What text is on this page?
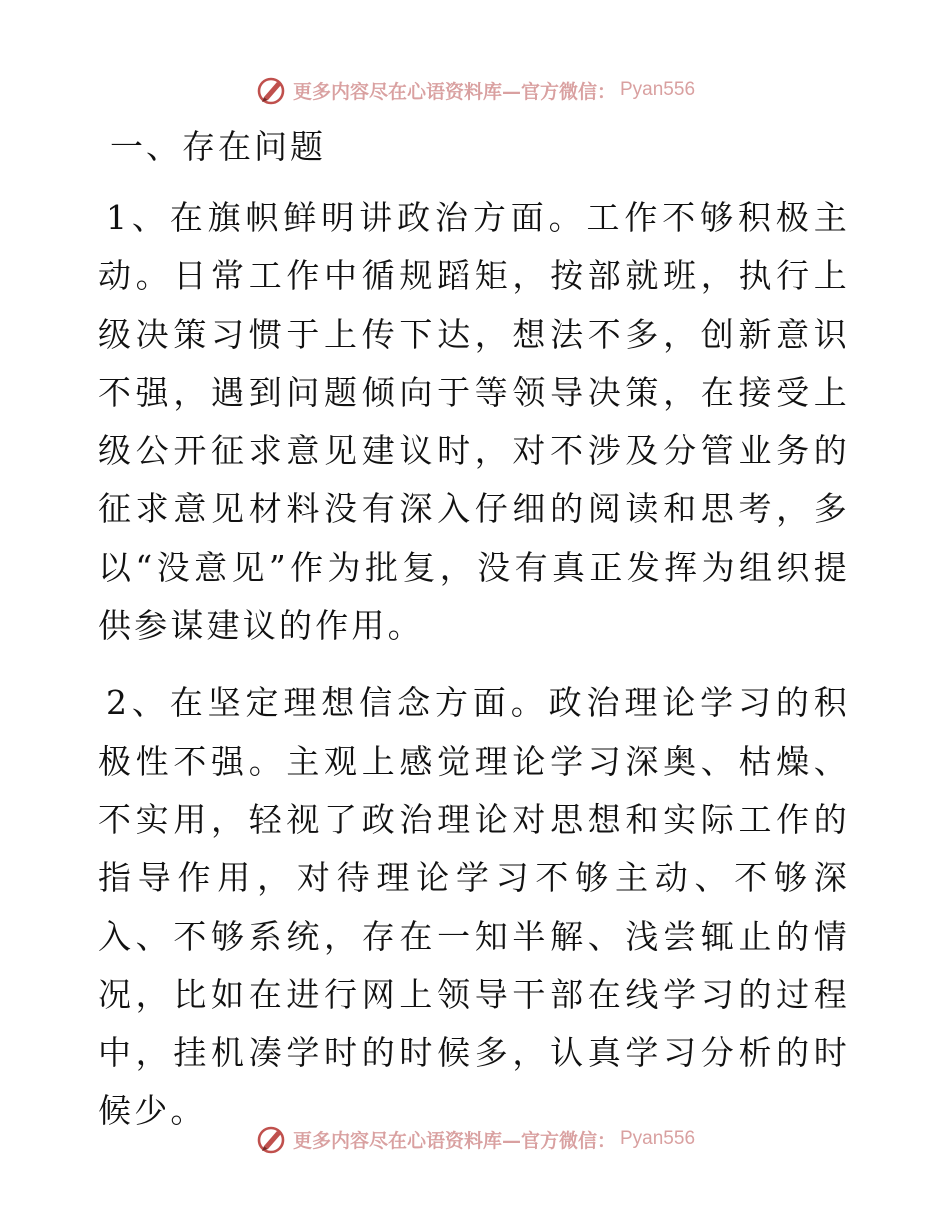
更多内容尽在心语资料库—官方微信： Pyan556
一、存在问题

1、在旗帜鲜明讲政治方面。工作不够积极主动。日常工作中循规蹈矩，按部就班，执行上级决策习惯于上传下达，想法不多，创新意识不强，遇到问题倾向于等领导决策，在接受上级公开征求意见建议时，对不涉及分管业务的征求意见材料没有深入仔细的阅读和思考，多以“没意见”作为批复，没有真正发挥为组织提供参谋建议的作用。

2、在坚定理想信念方面。政治理论学习的积极性不强。主观上感觉理论学习深奥、枯燥、不实用，轻视了政治理论对思想和实际工作的指导作用，对待理论学习不够主动、不够深入、不够系统，存在一知半解、浅尝辄止的情况，比如在进行网上领导干部在线学习的过程中，挂机凑学时的时候多，认真学习分析的时候少。

更多内容尽在心语资料库—官方微信： Pyan556
